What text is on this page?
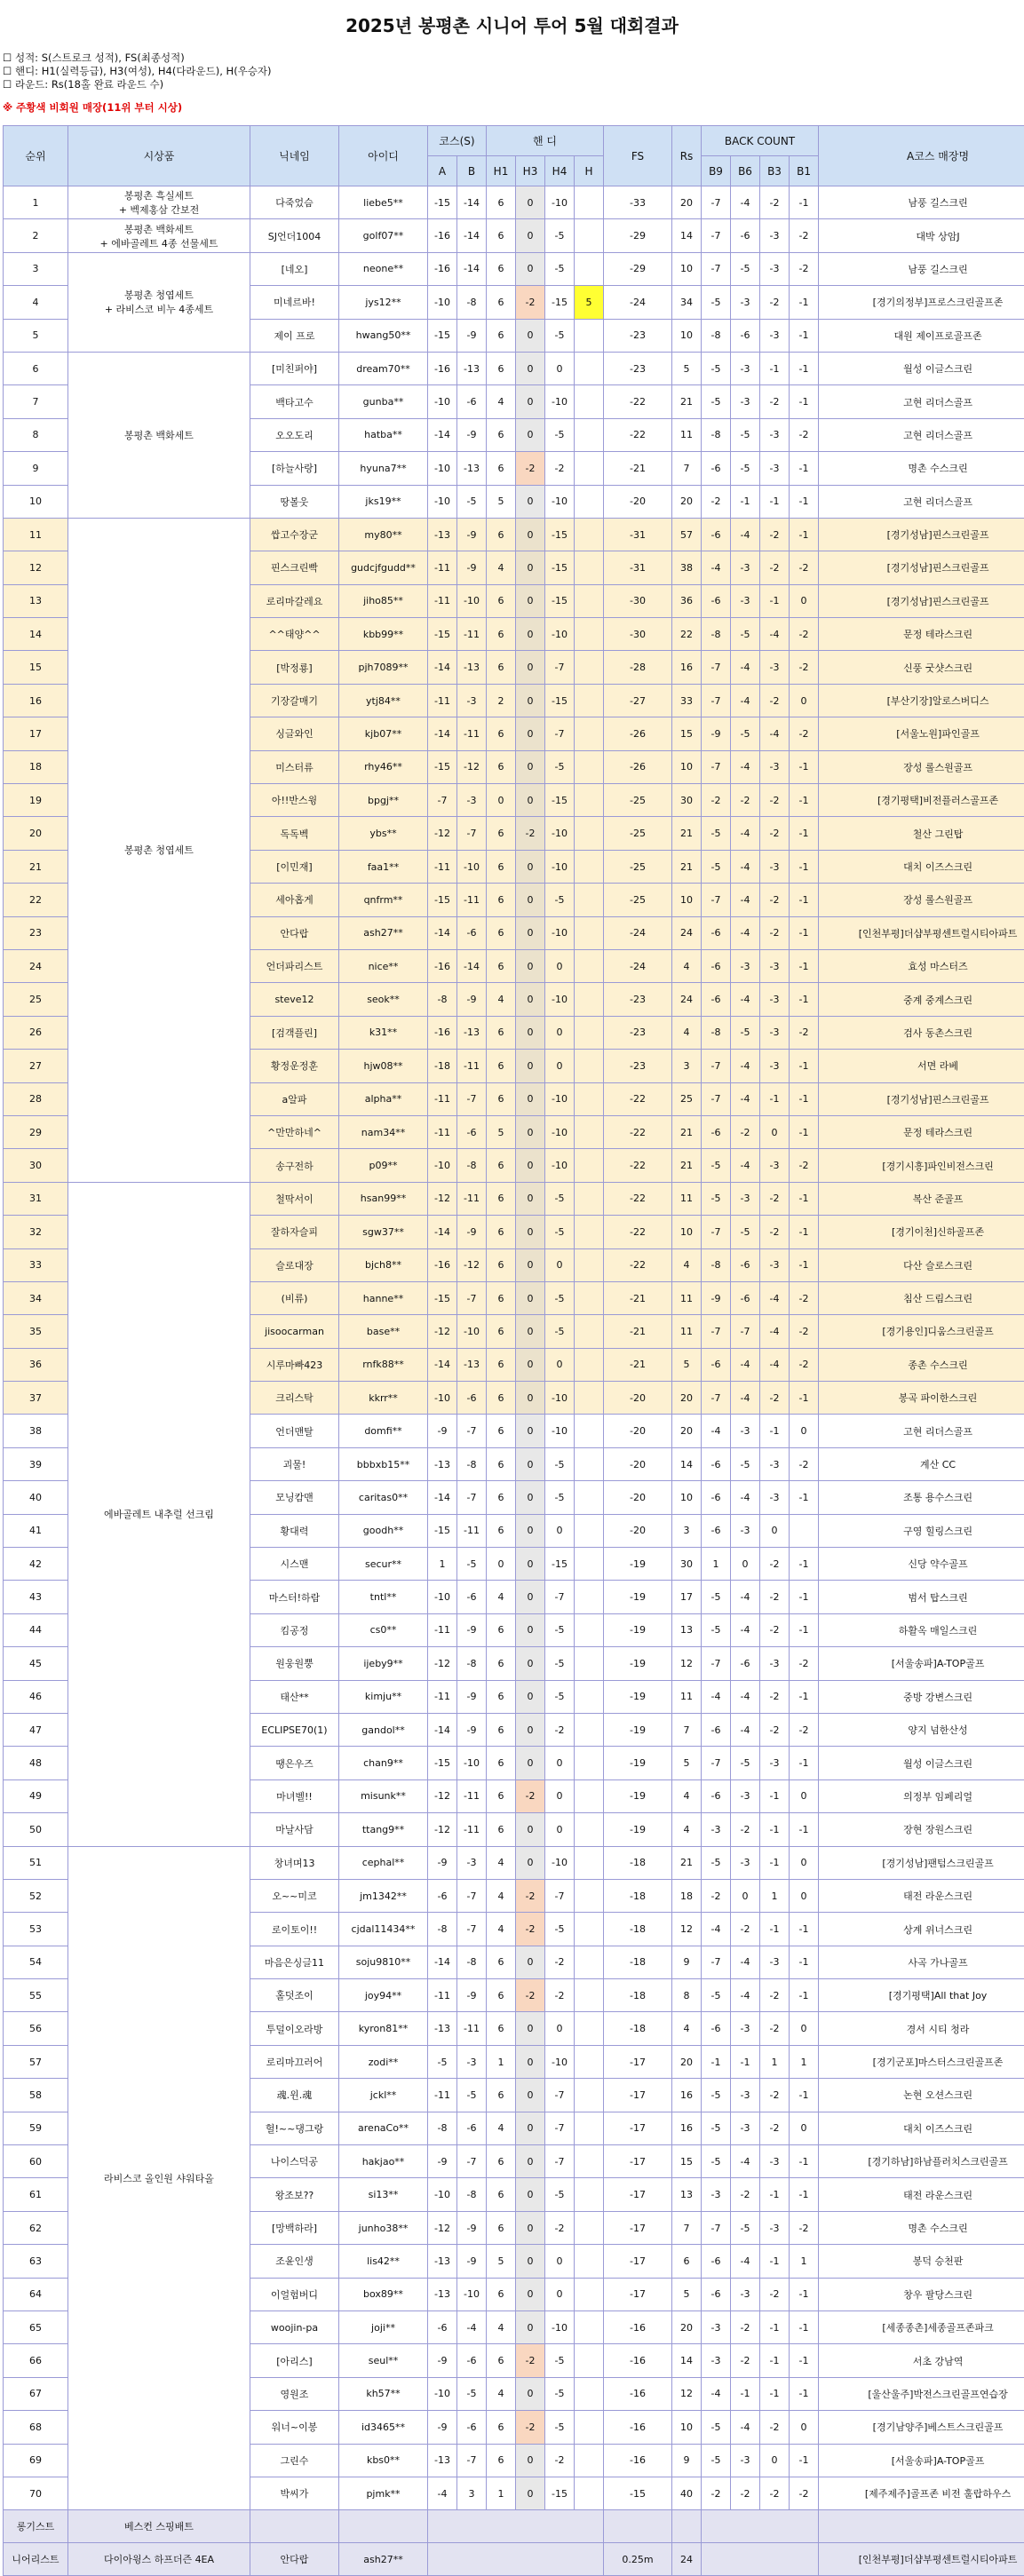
2025년 봉평촌 시니어 투어 5월 대회결과
☐ 성적: S(스트로크 성적), FS(최종성적)
☐ 핸디: H1(실력등급), H3(여성), H4(다라운드), H(우승자)
☐ 라운드: Rs(18홀 완료 라운드 수)
※ 주황색 비회원 매장(11위 부터 시상)
순위	시상품	닉네임	아이디	코스(S)		핸 디				FS	Rs	BACK COUNT				A코스 매장명
				A	B	H1	H3	H4	H			B9	B6	B3	B1	
1	봉평촌 흑실세트
+ 벡제홍삼 간보전	다죽었슴	liebe5**	-15	-14	6	0	-10		-33	20	-7	-4	-2	-1	남풍 길스크린
2	봉평촌 백화세트
+ 에바골레트 4종 선물세트	SJ언더1004	golf07**	-16	-14	6	0	-5		-29	14	-7	-6	-3	-2	대박 상암J
3	봉평촌 청엽세트
+ 라비스코 비누 4종세트	[네오]	neone**	-16	-14	6	0	-5		-29	10	-7	-5	-3	-2	남풍 길스크린
4		미네르바!	jys12**	-10	-8	6	-2	-15	5	-24	34	-5	-3	-2	-1	[경기의정부]프로스크린골프존
5		제이 프로	hwang50**	-15	-9	6	0	-5		-23	10	-8	-6	-3	-1	대원 제이프로골프존
6	봉평촌 백화세트	[미친퍼야]	dream70**	-16	-13	6	0	0		-23	5	-5	-3	-1	-1	월성 이글스크린
7		백타고수	gunba**	-10	-6	4	0	-10		-22	21	-5	-3	-2	-1	고현 리더스골프
8		오오도리	hatba**	-14	-9	6	0	-5		-22	11	-8	-5	-3	-2	고현 리더스골프
9		[하늘사랑]	hyuna7**	-10	-13	6	-2	-2		-21	7	-6	-5	-3	-1	명촌 수스크린
10		땅볼웃	jks19**	-10	-5	5	0	-10		-20	20	-2	-1	-1	-1	고현 리더스골프
11	봉평촌 청엽세트	쌉고수장군	my80**	-13	-9	6	0	-15		-31	57	-6	-4	-2	-1	[경기성남]핀스크린골프
12		핀스크린빡	gudcjfgudd**	-11	-9	4	0	-15		-31	38	-4	-3	-2	-2	[경기성남]핀스크린골프
13		로리마갈레요	jiho85**	-11	-10	6	0	-15		-30	36	-6	-3	-1	0	[경기성남]핀스크린골프
14		^^태양^^	kbb99**	-15	-11	6	0	-10		-30	22	-8	-5	-4	-2	문정 테라스크린
15		[박정룡]	pjh7089**	-14	-13	6	0	-7		-28	16	-7	-4	-3	-2	신풍 굿샷스크린
16		기장갈매기	ytj84**	-11	-3	2	0	-15		-27	33	-7	-4	-2	0	[부산기장]알로스버디스
17		싱글와인	kjb07**	-14	-11	6	0	-7		-26	15	-9	-5	-4	-2	[서울노원]파인골프
18		미스터류	rhy46**	-15	-12	6	0	-5		-26	10	-7	-4	-3	-1	장성 롤스원골프
19		아!!반스윙	bpgj**	-7	-3	0	0	-15		-25	30	-2	-2	-2	-1	[경기평택]비전플러스골프존
20		독독벡	ybs**	-12	-7	6	-2	-10		-25	21	-5	-4	-2	-1	철산 그린탑
21		[이민재]	faa1**	-11	-10	6	0	-10		-25	21	-5	-4	-3	-1	대치 이즈스크린
22		세아홉게	qnfrm**	-15	-11	6	0	-5		-25	10	-7	-4	-2	-1	장성 롤스원골프
23		안다랍	ash27**	-14	-6	6	0	-10		-24	24	-6	-4	-2	-1	[인천부평]더샵부평센트럴시티아파트
24		언더파리스트	nice**	-16	-14	6	0	0		-24	4	-6	-3	-3	-1	효성 마스터즈
25		steve12	seok**	-8	-9	4	0	-10		-23	24	-6	-4	-3	-1	중계 중계스크린
26		[검객플린]	k31**	-16	-13	6	0	0		-23	4	-8	-5	-3	-2	검사 동촌스크린
27		황정운정훈	hjw08**	-18	-11	6	0	0		-23	3	-7	-4	-3	-1	서면 라베
28		a알파	alpha**	-11	-7	6	0	-10		-22	25	-7	-4	-1	-1	[경기성남]핀스크린골프
29		^만만하네^	nam34**	-11	-6	5	0	-10		-22	21	-6	-2	0	-1	문정 테라스크린
30		송구전하	p09**	-10	-8	6	0	-10		-22	21	-5	-4	-3	-2	[경기시흥]파인비전스크린
31	에바골레트 내추럴 선크림	철딱서이	hsan99**	-12	-11	6	0	-5		-22	11	-5	-3	-2	-1	복산 준골프
32		잘하자슬피	sgw37**	-14	-9	6	0	-5		-22	10	-7	-5	-2	-1	[경기이천]신하골프존
33		슬로대장	bjch8**	-16	-12	6	0	0		-22	4	-8	-6	-3	-1	다산 슬로스크린
34		(비류)	hanne**	-15	-7	6	0	-5		-21	11	-9	-6	-4	-2	침산 드림스크린
35		jisoocarman	base**	-12	-10	6	0	-5		-21	11	-7	-7	-4	-2	[경기용인]디움스크린골프
36		시루마빠423	rnfk88**	-14	-13	6	0	0		-21	5	-6	-4	-4	-2	종촌 수스크린
37		크리스탁	kkrr**	-10	-6	6	0	-10		-20	20	-7	-4	-2	-1	봉곡 파이한스크린
38		언더맨탈	domfi**	-9	-7	6	0	-10		-20	20	-4	-3	-1	0	고현 리더스골프
39		괴물!	bbbxb15**	-13	-8	6	0	-5		-20	14	-6	-5	-3	-2	계산 CC
40		모닝캄맨	caritas0**	-14	-7	6	0	-5		-20	10	-6	-4	-3	-1	조통 용수스크린
41		황대력	goodh**	-15	-11	6	0	0		-20	3	-6	-3	0		구영 힐링스크린
42		시스맨	secur**	1	-5	0	0	-15		-19	30	1	0	-2	-1	신당 약수골프
43		마스터!하람	tntl**	-10	-6	4	0	-7		-19	17	-5	-4	-2	-1	범서 탑스크린
44		킴공정	cs0**	-11	-9	6	0	-5		-19	13	-5	-4	-2	-1	하활옥 매일스크린
45		원웅원뿡	ijeby9**	-12	-8	6	0	-5		-19	12	-7	-6	-3	-2	[서울송파]A-TOP골프
46		태산**	kimju**	-11	-9	6	0	-5		-19	11	-4	-4	-2	-1	중방 강변스크린
47		ECLIPSE70(1)	gandol**	-14	-9	6	0	-2		-19	7	-6	-4	-2	-2	양지 넘한산성
48		땡은우즈	chan9**	-15	-10	6	0	0		-19	5	-7	-5	-3	-1	월성 이글스크린
49		마녀벨!!	misunk**	-12	-11	6	-2	0		-19	4	-6	-3	-1	0	의정부 임페리얼
50		마날사담	ttang9**	-12	-11	6	0	0		-19	4	-3	-2	-1	-1	장현 장원스크린
51	라비스코 올인원 샤워타올	창녀며13	cephal**	-9	-3	4	0	-10		-18	21	-5	-3	-1	0	[경기성남]팬텀스크린골프
52		오~~미코	jm1342**	-6	-7	4	-2	-7		-18	18	-2	0	1	0	태전 라운스크린
53		로이토이!!	cjdal11434**	-8	-7	4	-2	-5		-18	12	-4	-2	-1	-1	상계 위너스크린
54		마음은싱글11	soju9810**	-14	-8	6	0	-2		-18	9	-7	-4	-3	-1	사곡 가나골프
55		홀덧조이	joy94**	-11	-9	6	-2	-2		-18	8	-5	-4	-2	-1	[경기평택]All that Joy
56		투덜이오라방	kyron81**	-13	-11	6	0	0		-18	4	-6	-3	-2	0	경서 시티 청라
57		로리마끄러어	zodi**	-5	-3	1	0	-10		-17	20	-1	-1	1	1	[경기군포]마스터스크린골프존
58		魂.윈.魂	jckl**	-11	-5	6	0	-7		-17	16	-5	-3	-2	-1	논현 오션스크린
59		헐!~~댕그랑	arenaCo**	-8	-6	4	0	-7		-17	16	-5	-3	-2	0	대치 이즈스크린
60		나이스덕공	hakjao**	-9	-7	6	0	-7		-17	15	-5	-4	-3	-1	[경기하남]하남플러치스크린골프
61		왕조보??	si13**	-10	-8	6	0	-5		-17	13	-3	-2	-1	-1	태전 라운스크린
62		[망백하라]	junho38**	-12	-9	6	0	-2		-17	7	-7	-5	-3	-2	명촌 수스크린
63		조윤인생	lis42**	-13	-9	5	0	0		-17	6	-6	-4	-1	1	봉덕 승천판
64		이얼험버디	box89**	-13	-10	6	0	0		-17	5	-6	-3	-2	-1	창우 팔당스크린
65		woojin-pa	joji**	-6	-4	4	0	-10		-16	20	-3	-2	-1	-1	[세종종촌]세종골프존파크
66		[아리스]	seul**	-9	-6	6	-2	-5		-16	14	-3	-2	-1	-1	서초 강남역
67		영원조	kh57**	-10	-5	4	0	-5		-16	12	-4	-1	-1	-1	[울산울주]박전스크린골프연습장
68		워너~이봉	id3465**	-9	-6	6	-2	-5		-16	10	-5	-4	-2	0	[경기남양주]베스트스크린골프
69		그린수	kbs0**	-13	-7	6	0	-2		-16	9	-5	-3	0	-1	[서울송파]A-TOP골프
70		박씨가	pjmk**	-4	3	1	0	-15		-15	40	-2	-2	-2	-2	[제주제주]골프존 비전 훌랍하우스
롱기스트	베스컨 스핑배트															
니어리스트	다이아윙스 하프더즌 4EA	안다랍	ash27**							0.25m	24					[인천부평]더샵부평센트럴시티아파트
